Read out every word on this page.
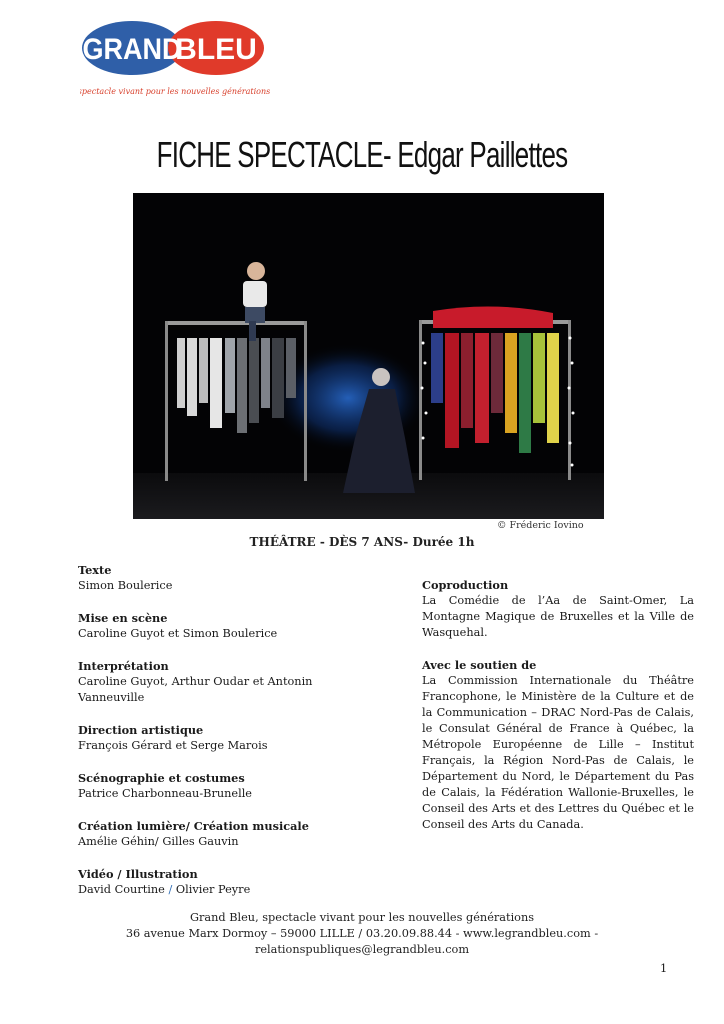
GRAND
BLEU
spectacle vivant pour les nouvelles générations
FICHE SPECTACLE- Edgar Paillettes
© Fréderic Iovino
THÉÂTRE - DÈS 7 ANS- Durée 1h
Texte
Simon Boulerice
Mise en scène
Caroline Guyot et Simon Boulerice
Interprétation
Caroline Guyot, Arthur Oudar et Antonin Vanneuville
Direction artistique
François Gérard et Serge Marois
Scénographie et costumes
Patrice Charbonneau-Brunelle
Création lumière/ Création musicale
Amélie Géhin/ Gilles Gauvin
Vidéo / Illustration
David Courtine / Olivier Peyre
Coproduction
La Comédie de l’Aa de Saint-Omer, La Montagne Magique de Bruxelles et la Ville de Wasquehal.
Avec le soutien de
La Commission Internationale du Théâtre Francophone, le Ministère de la Culture et de la Communication – DRAC Nord-Pas de Calais, le Consulat Général de France à Québec, la Métropole Européenne de Lille – Institut Français, la Région Nord-Pas de Calais, le Département du Nord, le Département du Pas de Calais, la Fédération Wallonie-Bruxelles, le Conseil des Arts et des Lettres du Québec et le Conseil des Arts du Canada.
Grand Bleu, spectacle vivant pour les nouvelles générations
36 avenue Marx Dormoy – 59000 LILLE / 03.20.09.88.44 - www.legrandbleu.com -
relationspubliques@legrandbleu.com
1
